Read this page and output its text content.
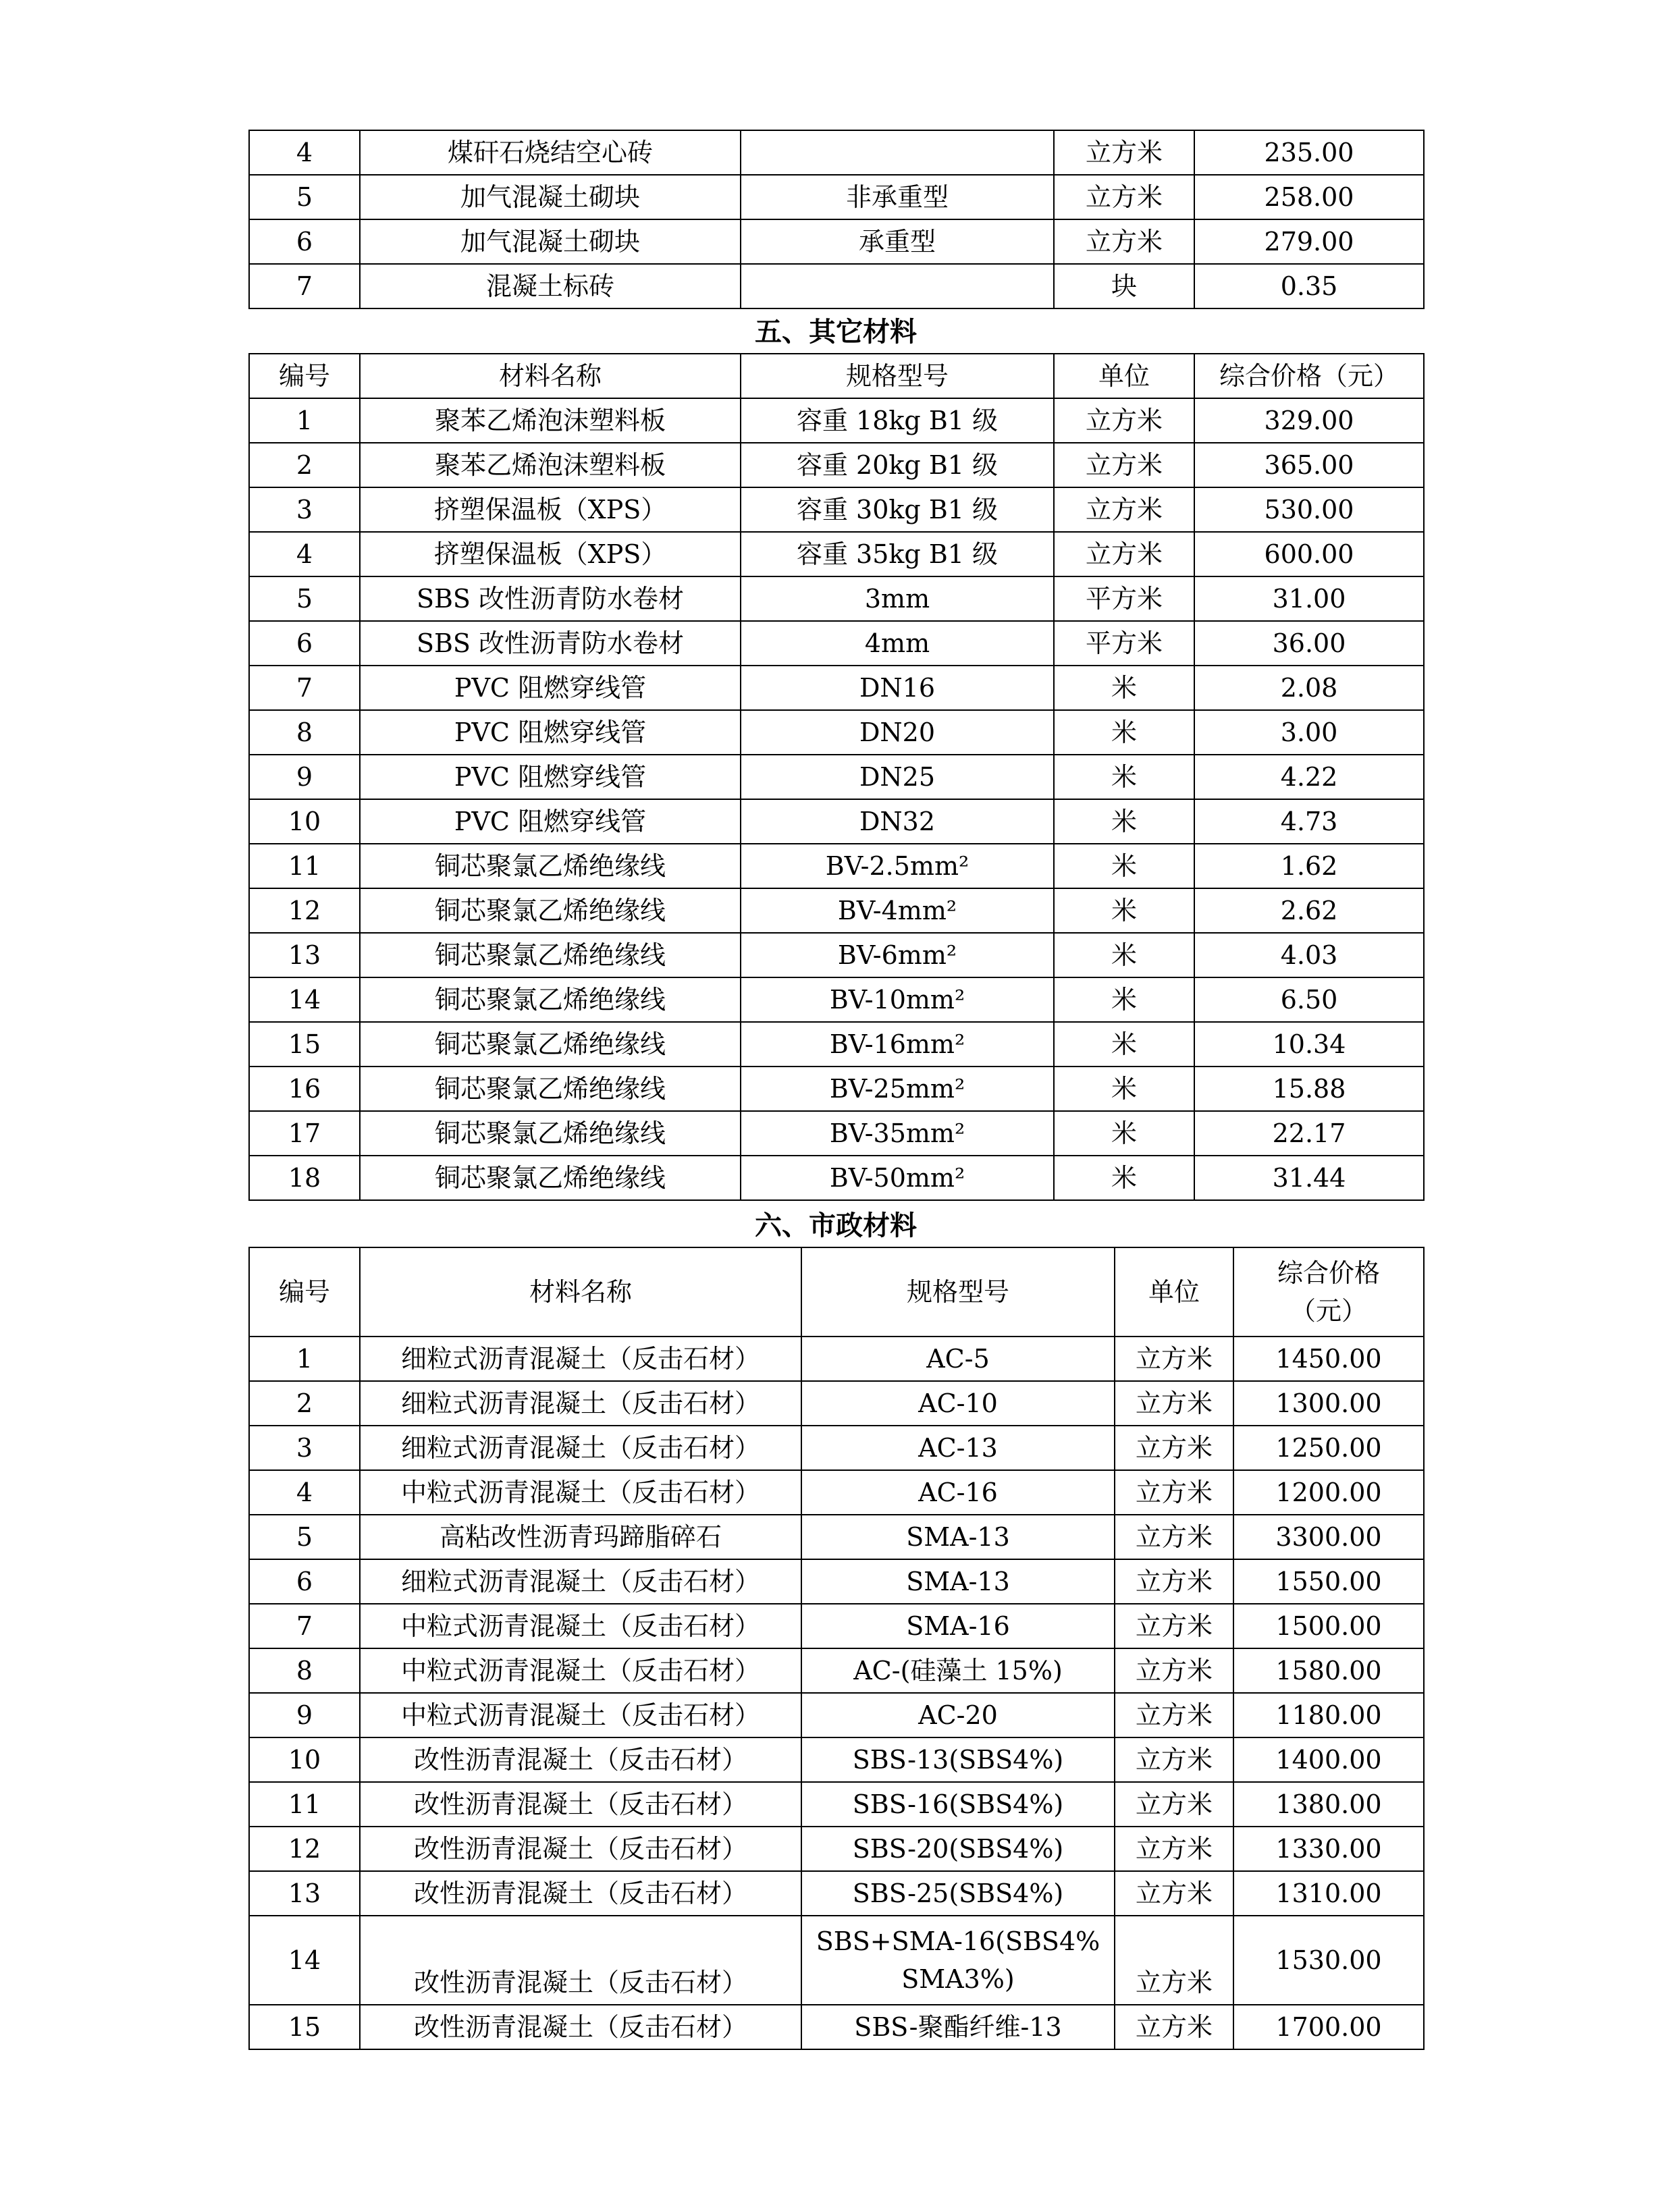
4	煤矸石烧结空心砖		立方米	235.00
5	加气混凝土砌块	非承重型	立方米	258.00
6	加气混凝土砌块	承重型	立方米	279.00
7	混凝土标砖		块	0.35
五、其它材料
编号	材料名称	规格型号	单位	综合价格（元）
1	聚苯乙烯泡沫塑料板	容重 18kg B1 级	立方米	329.00
2	聚苯乙烯泡沫塑料板	容重 20kg B1 级	立方米	365.00
3	挤塑保温板（XPS）	容重 30kg B1 级	立方米	530.00
4	挤塑保温板（XPS）	容重 35kg B1 级	立方米	600.00
5	SBS 改性沥青防水卷材	3mm	平方米	31.00
6	SBS 改性沥青防水卷材	4mm	平方米	36.00
7	PVC 阻燃穿线管	DN16	米	2.08
8	PVC 阻燃穿线管	DN20	米	3.00
9	PVC 阻燃穿线管	DN25	米	4.22
10	PVC 阻燃穿线管	DN32	米	4.73
11	铜芯聚氯乙烯绝缘线	BV-2.5mm²	米	1.62
12	铜芯聚氯乙烯绝缘线	BV-4mm²	米	2.62
13	铜芯聚氯乙烯绝缘线	BV-6mm²	米	4.03
14	铜芯聚氯乙烯绝缘线	BV-10mm²	米	6.50
15	铜芯聚氯乙烯绝缘线	BV-16mm²	米	10.34
16	铜芯聚氯乙烯绝缘线	BV-25mm²	米	15.88
17	铜芯聚氯乙烯绝缘线	BV-35mm²	米	22.17
18	铜芯聚氯乙烯绝缘线	BV-50mm²	米	31.44
六、市政材料
编号	材料名称	规格型号	单位	综合价格
（元）
1	细粒式沥青混凝土（反击石材）	AC-5	立方米	1450.00
2	细粒式沥青混凝土（反击石材）	AC-10	立方米	1300.00
3	细粒式沥青混凝土（反击石材）	AC-13	立方米	1250.00
4	中粒式沥青混凝土（反击石材）	AC-16	立方米	1200.00
5	高粘改性沥青玛蹄脂碎石	SMA-13	立方米	3300.00
6	细粒式沥青混凝土（反击石材）	SMA-13	立方米	1550.00
7	中粒式沥青混凝土（反击石材）	SMA-16	立方米	1500.00
8	中粒式沥青混凝土（反击石材）	AC-(硅藻土 15%)	立方米	1580.00
9	中粒式沥青混凝土（反击石材）	AC-20	立方米	1180.00
10	改性沥青混凝土（反击石材）	SBS-13(SBS4%)	立方米	1400.00
11	改性沥青混凝土（反击石材）	SBS-16(SBS4%)	立方米	1380.00
12	改性沥青混凝土（反击石材）	SBS-20(SBS4%)	立方米	1330.00
13	改性沥青混凝土（反击石材）	SBS-25(SBS4%)	立方米	1310.00
14	改性沥青混凝土（反击石材）	SBS+SMA-16(SBS4%
SMA3%)	立方米	1530.00
15	改性沥青混凝土（反击石材）	SBS-聚酯纤维-13	立方米	1700.00
